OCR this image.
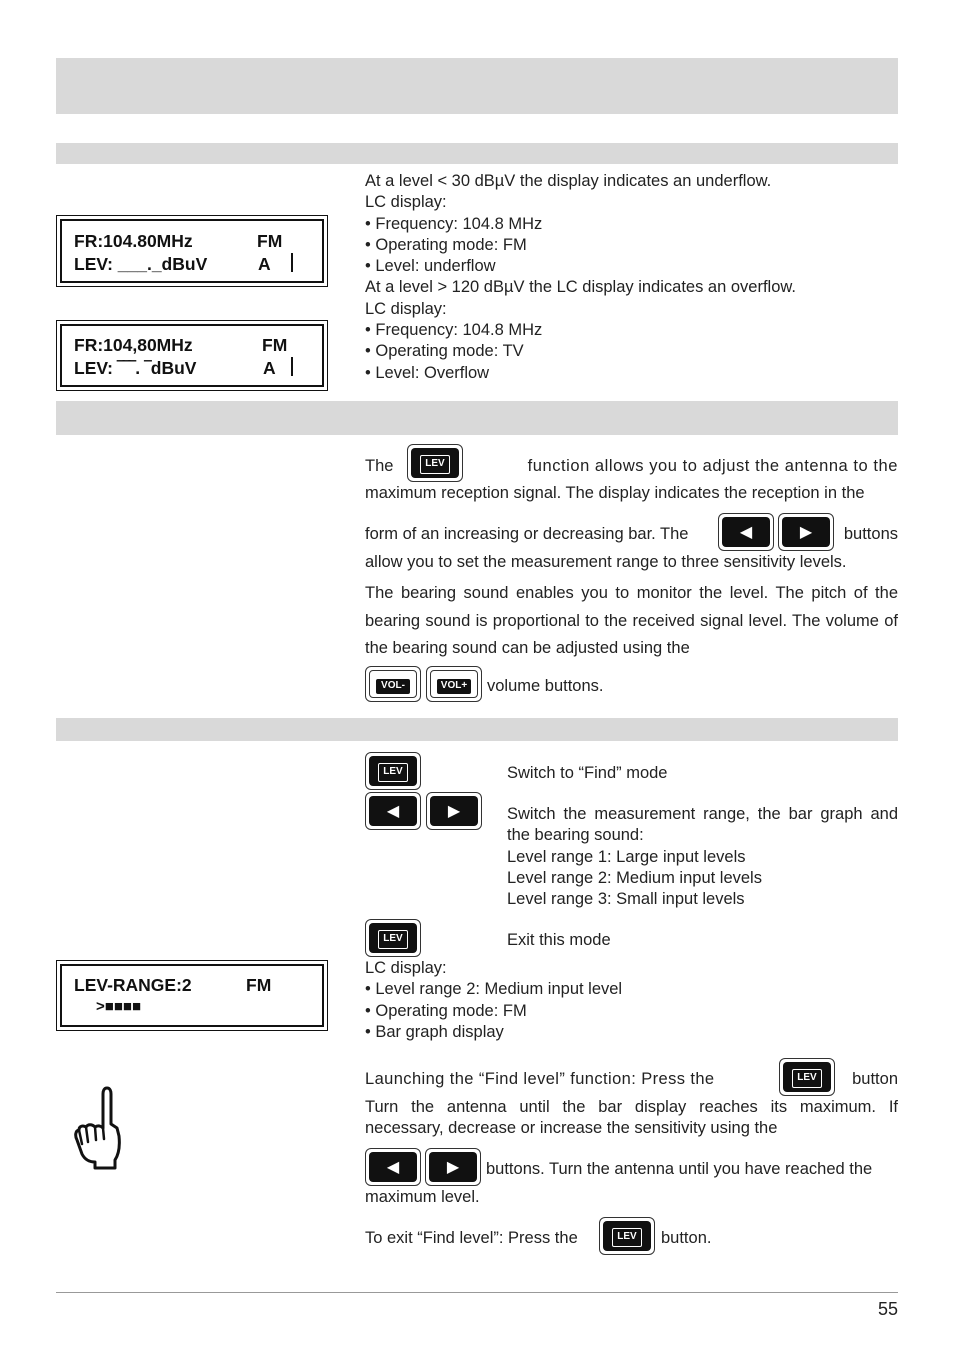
FR:104.80MHz	FM
LEV: ___._dBuV	A
FR:104,80MHz	FM
LEV: ‾‾‾. ‾dBuV	A
At a level < 30 dBµV the display indicates an underflow.
LC display:
• Frequency: 104.8 MHz
• Operating mode: FM
• Level: underflow
At a level > 120 dBµV the LC display indicates an overflow.
LC display:
• Frequency: 104.8 MHz
• Operating mode: TV
• Level: Overflow
The	function allows you to adjust the antenna to the
LEV
maximum reception signal. The display indicates the reception in the
form of an increasing or decreasing bar. The	buttons
◀	▶
allow you to set the measurement range to three sensitivity levels.
The bearing sound enables you to monitor the level. The pitch of the bearing sound is proportional to the received signal level. The volume of the bearing sound can be adjusted using the
VOL-	VOL+ volume buttons.
LEV	Switch to “Find” mode
◀	▶	Switch the measurement range, the bar graph and the bearing sound:
Level range 1: Large input levels
Level range 2: Medium input levels
Level range 3: Small input levels
LEV	Exit this mode
LC display:
• Level range 2: Medium input level
• Operating mode: FM
• Bar graph display
LEV-RANGE:2	FM
>■■■■
Launching the “Find level” function: Press the	button
LEV
Turn the antenna until the bar display reaches its maximum. If necessary, decrease or increase the sensitivity using the
◀	▶	buttons. Turn the antenna until you have reached the
maximum level.
To exit “Find level”: Press the	LEV	button.
55
